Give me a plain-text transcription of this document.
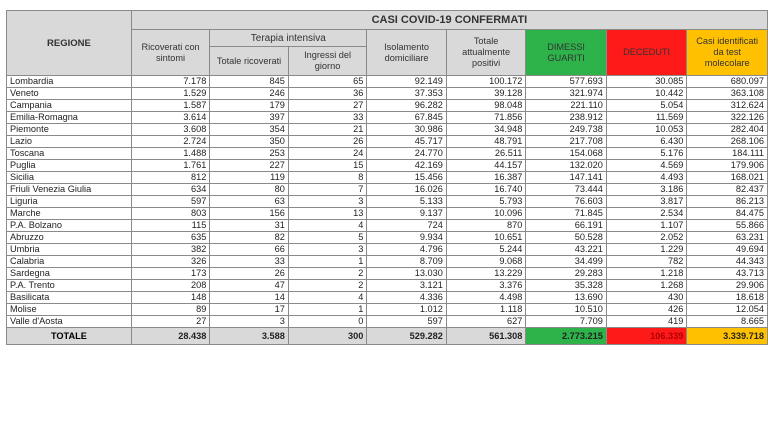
REGIONE	CASI COVID-19 CONFERMATI							
	Ricoverati con sintomi	Terapia intensiva		Isolamento domiciliare	Totale attualmente positivi	DIMESSI GUARITI	DECEDUTI	Casi identificati da test molecolare
		Totale ricoverati	Ingressi del giorno					
Lombardia	7.178	845	65	92.149	100.172	577.693	30.085	680.097
Veneto	1.529	246	36	37.353	39.128	321.974	10.442	363.108
Campania	1.587	179	27	96.282	98.048	221.110	5.054	312.624
Emilia-Romagna	3.614	397	33	67.845	71.856	238.912	11.569	322.126
Piemonte	3.608	354	21	30.986	34.948	249.738	10.053	282.404
Lazio	2.724	350	26	45.717	48.791	217.708	6.430	268.106
Toscana	1.488	253	24	24.770	26.511	154.068	5.176	184.111
Puglia	1.761	227	15	42.169	44.157	132.020	4.569	179.906
Sicilia	812	119	8	15.456	16.387	147.141	4.493	168.021
Friuli Venezia Giulia	634	80	7	16.026	16.740	73.444	3.186	82.437
Liguria	597	63	3	5.133	5.793	76.603	3.817	86.213
Marche	803	156	13	9.137	10.096	71.845	2.534	84.475
P.A. Bolzano	115	31	4	724	870	66.191	1.107	55.866
Abruzzo	635	82	5	9.934	10.651	50.528	2.052	63.231
Umbria	382	66	3	4.796	5.244	43.221	1.229	49.694
Calabria	326	33	1	8.709	9.068	34.499	782	44.343
Sardegna	173	26	2	13.030	13.229	29.283	1.218	43.713
P.A. Trento	208	47	2	3.121	3.376	35.328	1.268	29.906
Basilicata	148	14	4	4.336	4.498	13.690	430	18.618
Molise	89	17	1	1.012	1.118	10.510	426	12.054
Valle d'Aosta	27	3	0	597	627	7.709	419	8.665
TOTALE	28.438	3.588	300	529.282	561.308	2.773.215	106.339	3.339.718
